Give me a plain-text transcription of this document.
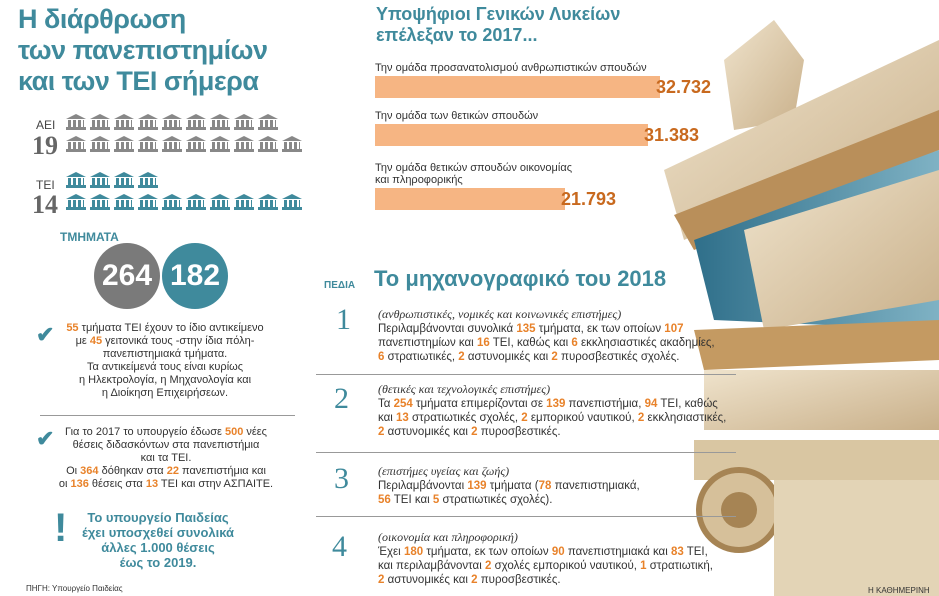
Η διάρθρωση
των πανεπιστημίων
και των ΤΕΙ σήμερα
ΑΕΙ
19
ΤΕΙ
14
ΤΜΗΜΑΤΑ
264 182
✔	55 τμήματα ΤΕΙ έχουν το ίδιο αντικείμενο
με 45 γειτονικά τους -στην ίδια πόλη-
πανεπιστημιακά τμήματα.
Τα αντικείμενά τους είναι κυρίως
η Ηλεκτρολογία, η Μηχανολογία και
η Διοίκηση Επιχειρήσεων.
✔ Για το 2017 το υπουργείο έδωσε 500 νέες
θέσεις διδασκόντων στα πανεπιστήμια
και τα ΤΕΙ.
Οι 364 δόθηκαν στα 22 πανεπιστήμια και
οι 136 θέσεις στα 13 ΤΕΙ και στην ΑΣΠΑΙΤΕ.
!	Το υπουργείο Παιδείας
έχει υποσχεθεί συνολικά
άλλες 1.000 θέσεις
έως το 2019.
ΠΗΓΗ: Υπουργείο Παιδείας	Η ΚΑΘΗΜΕΡΙΝΗ
Υποψήφιοι Γενικών Λυκείων
επέλεξαν το 2017...
Την ομάδα προσανατολισμού ανθρωπιστικών σπουδών
32.732
Την ομάδα των θετικών σπουδών
31.383
Την ομάδα θετικών σπουδών οικονομίας
και πληροφορικής
21.793
ΠΕΔΙΑ Το μηχανογραφικό του 2018
1 (ανθρωπιστικές, νομικές και κοινωνικές επιστήμες)
Περιλαμβάνονται συνολικά 135 τμήματα, εκ των οποίων 107
πανεπιστημίων και 16 ΤΕΙ, καθώς και 6 εκκλησιαστικές ακαδημίες,
6 στρατιωτικές, 2 αστυνομικές και 2 πυροσβεστικές σχολές.
2 (θετικές και τεχνολογικές επιστήμες)
Τα 254 τμήματα επιμερίζονται σε 139 πανεπιστήμια, 94 ΤΕΙ, καθώς
και 13 στρατιωτικές σχολές, 2 εμπορικού ναυτικού, 2 εκκλησιαστικές,
2 αστυνομικές και 2 πυροσβεστικές.
3 (επιστήμες υγείας και ζωής)
Περιλαμβάνονται 139 τμήματα (78 πανεπιστημιακά,
56 ΤΕΙ και 5 στρατιωτικές σχολές).
4	(οικονομία και πληροφορική)
Έχει 180 τμήματα, εκ των οποίων 90 πανεπιστημιακά και 83 ΤΕΙ,
και περιλαμβάνονται 2 σχολές εμπορικού ναυτικού, 1 στρατιωτική,
2 αστυνομικές και 2 πυροσβεστικές.
